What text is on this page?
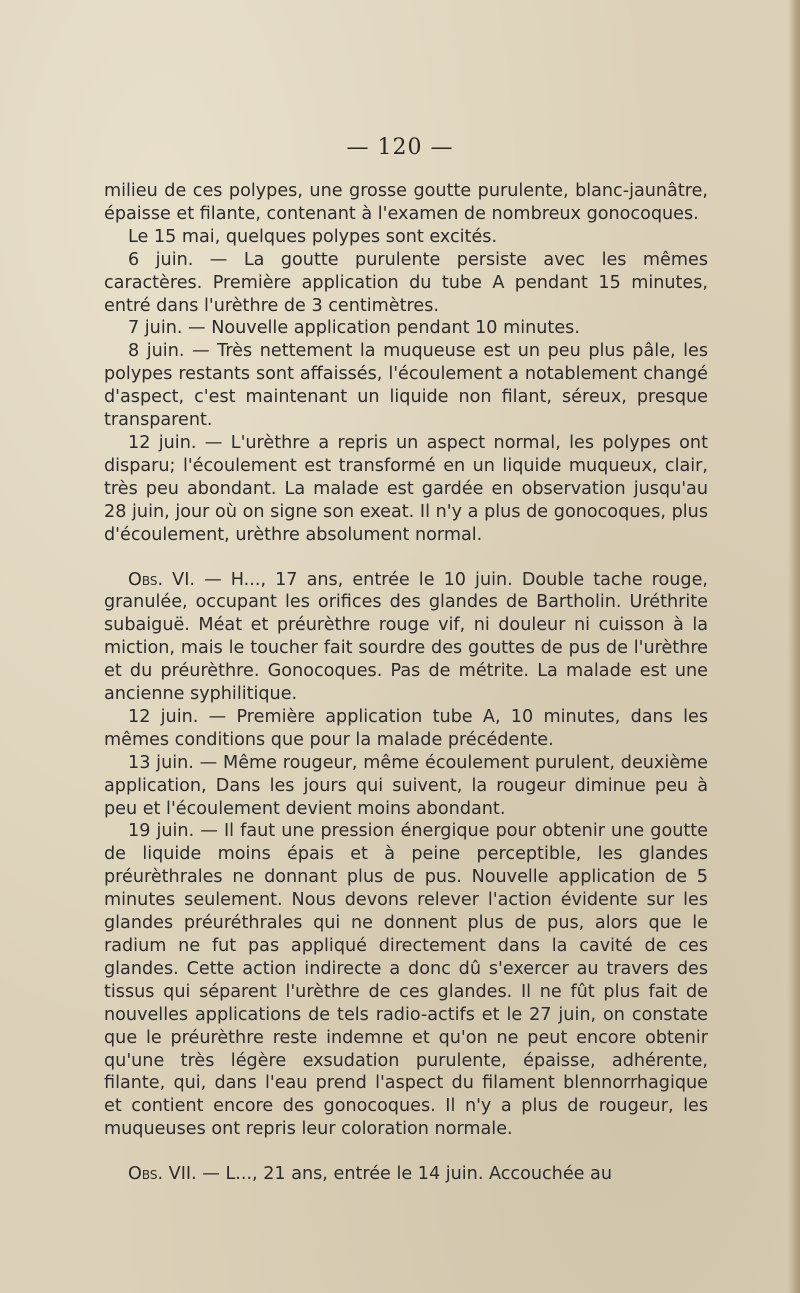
— 120 —

milieu de ces polypes, une grosse goutte purulente, blanc-jaunâtre, épaisse et filante, contenant à l'examen de nombreux gonocoques.

Le 15 mai, quelques polypes sont excités.

6 juin. — La goutte purulente persiste avec les mêmes caractères. Première application du tube A pendant 15 minutes, entré dans l'urèthre de 3 centimètres.

7 juin. — Nouvelle application pendant 10 minutes.

8 juin. — Très nettement la muqueuse est un peu plus pâle, les polypes restants sont affaissés, l'écoulement a notablement changé d'aspect, c'est maintenant un liquide non filant, séreux, presque transparent.

12 juin. — L'urèthre a repris un aspect normal, les polypes ont disparu; l'écoulement est transformé en un liquide muqueux, clair, très peu abondant. La malade est gardée en observation jusqu'au 28 juin, jour où on signe son exeat. Il n'y a plus de gonocoques, plus d'écoulement, urèthre absolument normal.

Obs. VI. — H..., 17 ans, entrée le 10 juin. Double tache rouge, granulée, occupant les orifices des glandes de Bartholin. Uréthrite subaiguë. Méat et préurèthre rouge vif, ni douleur ni cuisson à la miction, mais le toucher fait sourdre des gouttes de pus de l'urèthre et du préurèthre. Gonocoques. Pas de métrite. La malade est une ancienne syphilitique.

12 juin. — Première application tube A, 10 minutes, dans les mêmes conditions que pour la malade précédente.

13 juin. — Même rougeur, même écoulement purulent, deuxième application, Dans les jours qui suivent, la rougeur diminue peu à peu et l'écoulement devient moins abondant.

19 juin. — Il faut une pression énergique pour obtenir une goutte de liquide moins épais et à peine perceptible, les glandes préurèthrales ne donnant plus de pus. Nouvelle application de 5 minutes seulement. Nous devons relever l'action évidente sur les glandes préuréthrales qui ne donnent plus de pus, alors que le radium ne fut pas appliqué directement dans la cavité de ces glandes. Cette action indirecte a donc dû s'exercer au travers des tissus qui séparent l'urèthre de ces glandes. Il ne fût plus fait de nouvelles applications de tels radio-actifs et le 27 juin, on constate que le préurèthre reste indemne et qu'on ne peut encore obtenir qu'une très légère exsudation purulente, épaisse, adhérente, filante, qui, dans l'eau prend l'aspect du filament blennorrhagique et contient encore des gonocoques. Il n'y a plus de rougeur, les muqueuses ont repris leur coloration normale.

Obs. VII. — L..., 21 ans, entrée le 14 juin. Accouchée au
